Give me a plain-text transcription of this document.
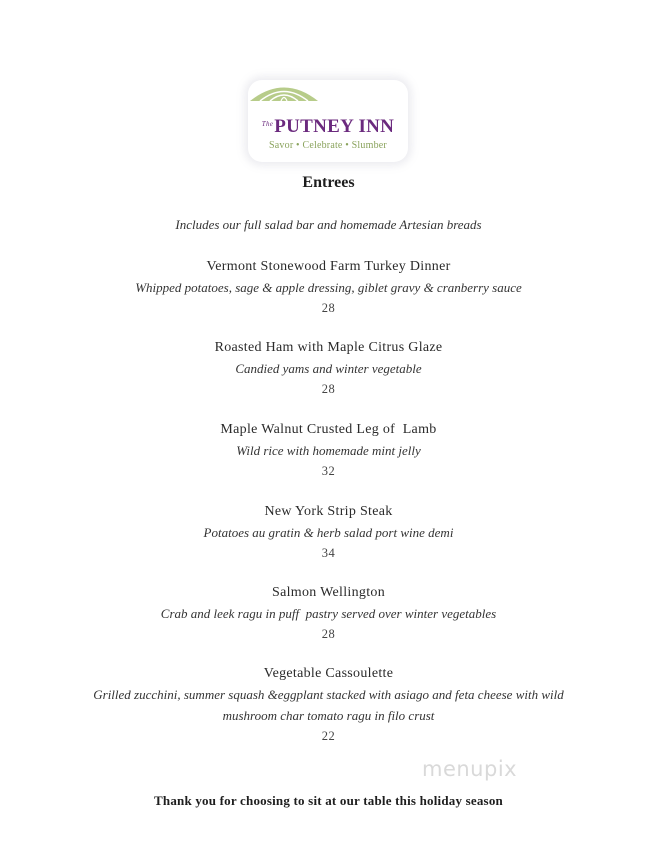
$^{The}$PUTNEY INN
Savor • Celebrate • Slumber
Entrees
Includes our full salad bar and homemade Artesian breads
Vermont Stonewood Farm Turkey Dinner
Whipped potatoes, sage & apple dressing, giblet gravy & cranberry sauce
28
Roasted Ham with Maple Citrus Glaze
Candied yams and winter vegetable
28
Maple Walnut Crusted Leg of  Lamb
Wild rice with homemade mint jelly
32
New York Strip Steak
Potatoes au gratin & herb salad port wine demi
34
Salmon Wellington
Crab and leek ragu in puff  pastry served over winter vegetables
28
Vegetable Cassoulette
Grilled zucchini, summer squash &eggplant stacked with asiago and feta cheese with wild
mushroom char tomato ragu in filo crust
22
menupix
Thank you for choosing to sit at our table this holiday season
